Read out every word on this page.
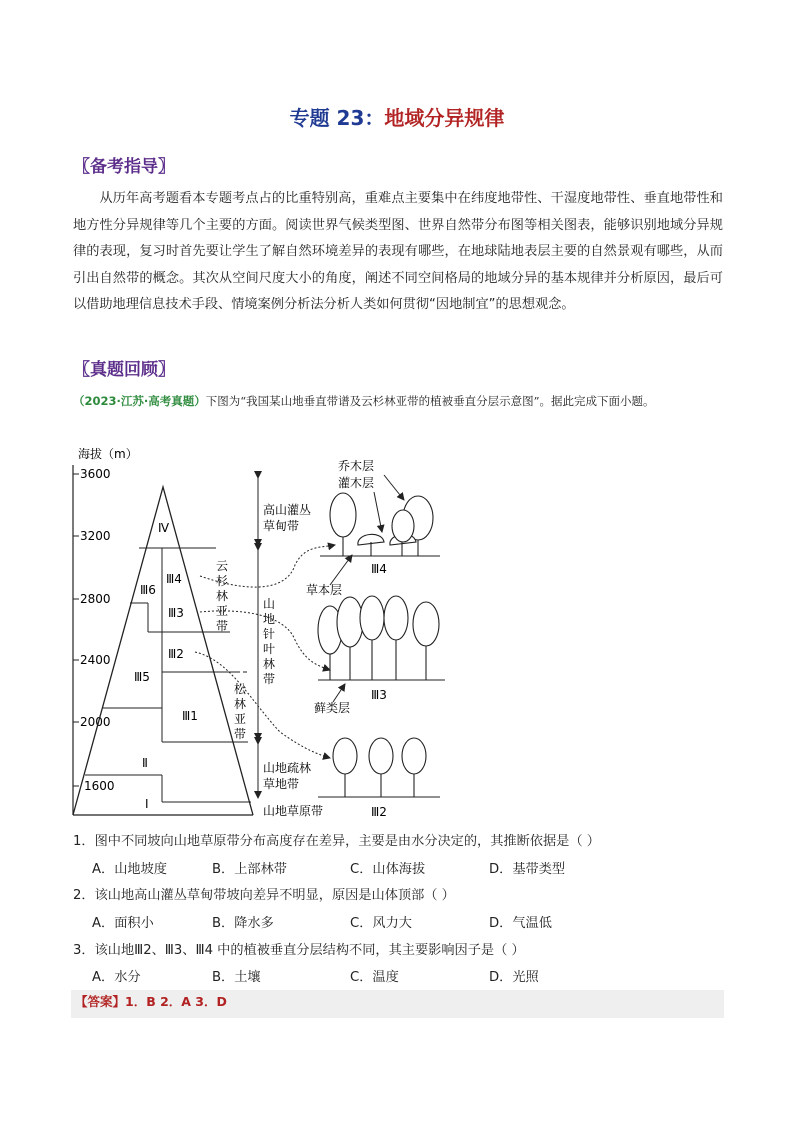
专题 23：地域分异规律
〖备考指导〗
从历年高考题看本专题考点占的比重特别高，重难点主要集中在纬度地带性、干湿度地带性、垂直地带性和地方性分异规律等几个主要的方面。阅读世界气候类型图、世界自然带分布图等相关图表，能够识别地域分异规律的表现，复习时首先要让学生了解自然环境差异的表现有哪些，在地球陆地表层主要的自然景观有哪些，从而引出自然带的概念。其次从空间尺度大小的角度，阐述不同空间格局的地域分异的基本规律并分析原因，最后可以借助地理信息技术手段、情境案例分析法分析人类如何贯彻“因地制宜”的思想观念。
〖真题回顾〗
（2023·江苏·高考真题）下图为“我国某山地垂直带谱及云杉林亚带的植被垂直分层示意图”。据此完成下面小题。
海拔（m）
3600
3200
2800
2400
2000
1600
Ⅳ
Ⅲ6
Ⅲ4
Ⅲ3
Ⅲ2
Ⅲ5
Ⅲ1
Ⅱ
Ⅰ
云
杉
林
亚
带
松
林
亚
带
高山灌丛
草甸带
山
地
针
叶
林
带
山地疏林
草地带
山地草原带
乔木层
灌木层
草本层
藓类层
Ⅲ4
Ⅲ3
Ⅲ2
1．图中不同坡向山地草原带分布高度存在差异，主要是由水分决定的，其推断依据是（ ）
A．山地坡度	B．上部林带	C．山体海拔	D．基带类型
2．该山地高山灌丛草甸带坡向差异不明显，原因是山体顶部（ ）
A．面积小	B．降水多	C．风力大	D．气温低
3．该山地Ⅲ2、Ⅲ3、Ⅲ4 中的植被垂直分层结构不同，其主要影响因子是（ ）
A．水分	B．土壤	C．温度	D．光照
【答案】1．B 2．A 3．D
